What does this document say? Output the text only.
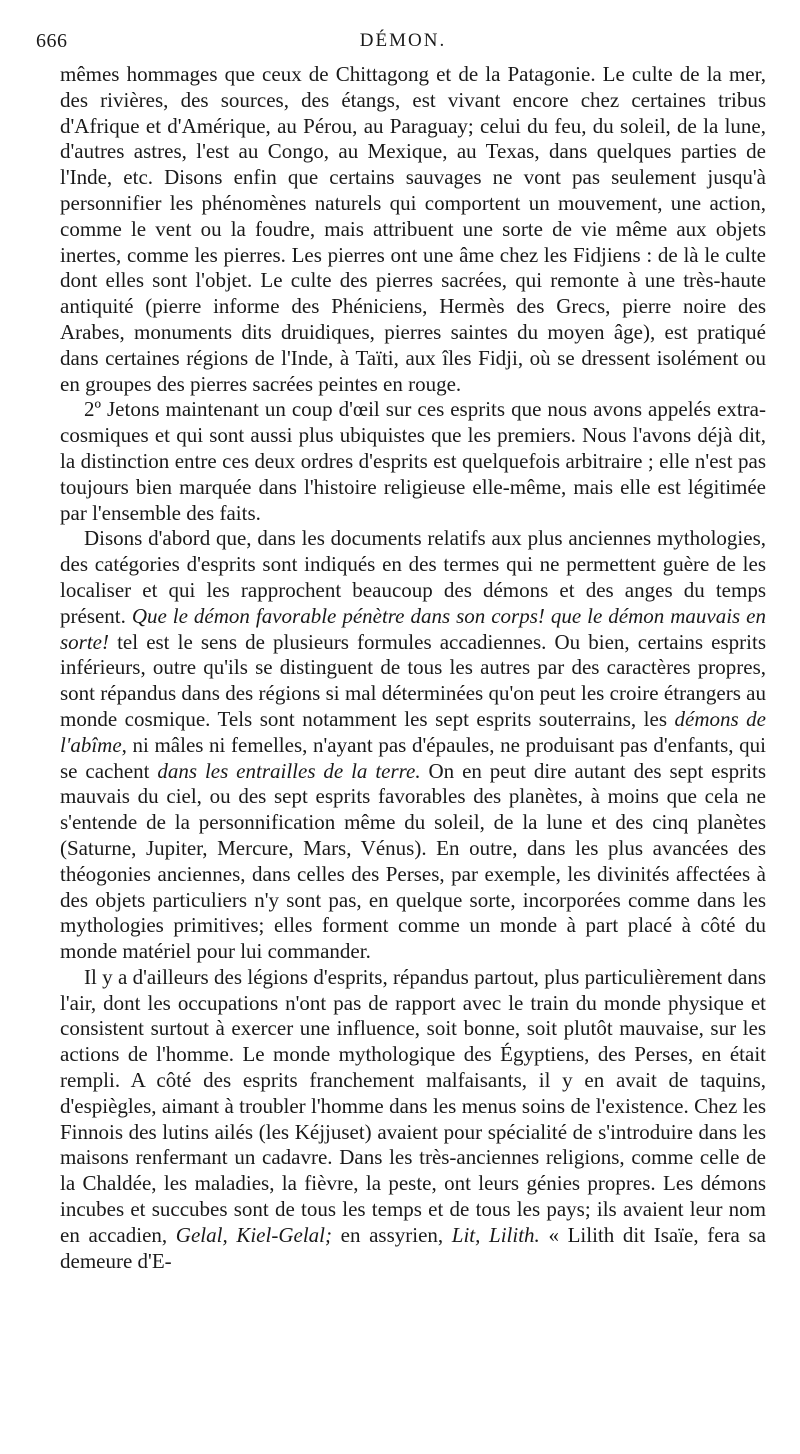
666	DÉMON.

mêmes hommages que ceux de Chittagong et de la Patagonie. Le culte de la mer, des rivières, des sources, des étangs, est vivant encore chez certaines tribus d'Afrique et d'Amérique, au Pérou, au Paraguay; celui du feu, du soleil, de la lune, d'autres astres, l'est au Congo, au Mexique, au Texas, dans quelques parties de l'Inde, etc. Disons enfin que certains sauvages ne vont pas seulement jusqu'à personnifier les phénomènes naturels qui comportent un mouvement, une action, comme le vent ou la foudre, mais attribuent une sorte de vie même aux objets inertes, comme les pierres. Les pierres ont une âme chez les Fidjiens : de là le culte dont elles sont l'objet. Le culte des pierres sacrées, qui remonte à une très-haute antiquité (pierre informe des Phéniciens, Hermès des Grecs, pierre noire des Arabes, monuments dits druidiques, pierres saintes du moyen âge), est pratiqué dans certaines régions de l'Inde, à Taïti, aux îles Fidji, où se dressent isolément ou en groupes des pierres sacrées peintes en rouge.

2º Jetons maintenant un coup d'œil sur ces esprits que nous avons appelés extra-cosmiques et qui sont aussi plus ubiquistes que les premiers. Nous l'avons déjà dit, la distinction entre ces deux ordres d'esprits est quelquefois arbitraire ; elle n'est pas toujours bien marquée dans l'histoire religieuse elle-même, mais elle est légitimée par l'ensemble des faits.

Disons d'abord que, dans les documents relatifs aux plus anciennes mythologies, des catégories d'esprits sont indiqués en des termes qui ne permettent guère de les localiser et qui les rapprochent beaucoup des démons et des anges du temps présent. Que le démon favorable pénètre dans son corps! que le démon mauvais en sorte! tel est le sens de plusieurs formules accadiennes. Ou bien, certains esprits inférieurs, outre qu'ils se distinguent de tous les autres par des caractères propres, sont répandus dans des régions si mal déterminées qu'on peut les croire étrangers au monde cosmique. Tels sont notamment les sept esprits souterrains, les démons de l'abîme, ni mâles ni femelles, n'ayant pas d'épaules, ne produisant pas d'enfants, qui se cachent dans les entrailles de la terre. On en peut dire autant des sept esprits mauvais du ciel, ou des sept esprits favorables des planètes, à moins que cela ne s'entende de la personnification même du soleil, de la lune et des cinq planètes (Saturne, Jupiter, Mercure, Mars, Vénus). En outre, dans les plus avancées des théogonies anciennes, dans celles des Perses, par exemple, les divinités affectées à des objets particuliers n'y sont pas, en quelque sorte, incorporées comme dans les mythologies primitives; elles forment comme un monde à part placé à côté du monde matériel pour lui commander.

Il y a d'ailleurs des légions d'esprits, répandus partout, plus particulièrement dans l'air, dont les occupations n'ont pas de rapport avec le train du monde physique et consistent surtout à exercer une influence, soit bonne, soit plutôt mauvaise, sur les actions de l'homme. Le monde mythologique des Égyptiens, des Perses, en était rempli. A côté des esprits franchement malfaisants, il y en avait de taquins, d'espiègles, aimant à troubler l'homme dans les menus soins de l'existence. Chez les Finnois des lutins ailés (les Kéjjuset) avaient pour spécialité de s'introduire dans les maisons renfermant un cadavre. Dans les très-anciennes religions, comme celle de la Chaldée, les maladies, la fièvre, la peste, ont leurs génies propres. Les démons incubes et succubes sont de tous les temps et de tous les pays; ils avaient leur nom en accadien, Gelal, Kiel-Gelal; en assyrien, Lit, Lilith. « Lilith dit Isaïe, fera sa demeure d'E-
